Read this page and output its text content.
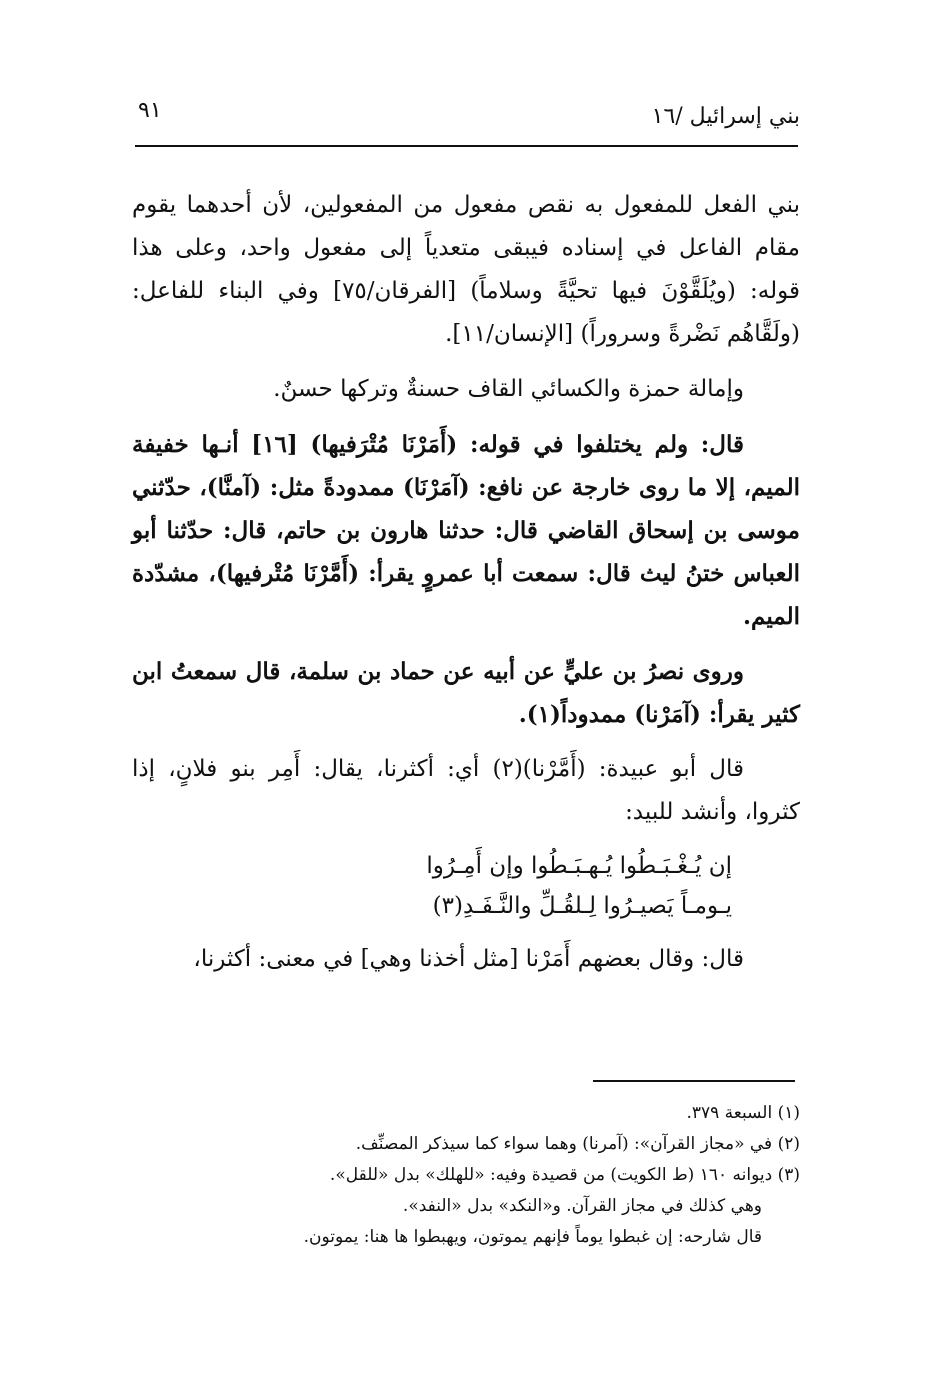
بني إسرائيل /١٦
٩١

بني الفعل للمفعول به نقص مفعول من المفعولين، لأن أحدهما يقوم مقام الفاعل في إسناده فيبقى متعدياً إلى مفعول واحد، وعلى هذا قوله: (ويُلَقَّوْنَ فيها تحيَّةً وسلاماً) [الفرقان/٧٥] وفي البناء للفاعل: (ولَقَّاهُم نَضْرةً وسروراً) [الإنسان/١١].

وإمالة حمزة والكسائي القاف حسنةٌ وتركها حسنٌ.

قال: ولم يختلفوا في قوله: (أَمَرْنَا مُتْرَفيها) [١٦] أنـها خفيفة الميم، إلا ما روى خارجة عن نافع: (آمَرْنَا) ممدودةً مثل: (آمنَّا)، حدّثني موسى بن إسحاق القاضي قال: حدثنا هارون بن حاتم، قال: حدّثنا أبو العباس ختنُ ليث قال: سمعت أبا عمروٍ يقرأ: (أَمَّرْنَا مُتْرفيها)، مشدّدة الميم.

وروى نصرُ بن عليٍّ عن أبيه عن حماد بن سلمة، قال سمعتُ ابن كثير يقرأ: (آمَرْنا) ممدوداً(١).

قال أبو عبيدة: (أَمَّرْنا)(٢) أي: أكثرنا، يقال: أَمِر بنو فلانٍ، إذا كثروا، وأنشد للبيد:

إن يُـغْـبَـطُوا يُـهـبَـطُوا وإن أَمِـرُوا
يـومـاً يَصيـرُوا لِـلقُـلِّ والنَّـفَـدِ(٣)

قال: وقال بعضهم أَمَرْنا [مثل أخذنا وهي] في معنى: أكثرنا،

(١) السبعة ٣٧٩.
(٢) في «مجاز القرآن»: (آمرنا) وهما سواء كما سيذكر المصنِّف.
(٣) ديوانه ١٦٠ (ط الكويت) من قصيدة وفيه: «للهلك» بدل «للقل».
وهي كذلك في مجاز القرآن. و«النكد» بدل «النفد».
قال شارحه: إن غبطوا يوماً فإنهم يموتون، ويهبطوا ها هنا: يموتون.
